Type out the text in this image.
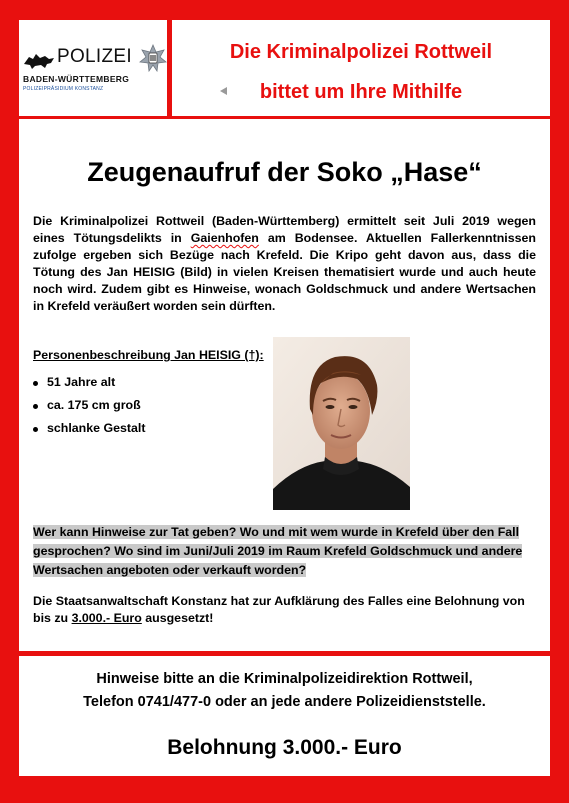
POLIZEI
BADEN-WÜRTTEMBERG
POLIZEIPRÄSIDIUM KONSTANZ
Die Kriminalpolizei Rottweil
bittet um Ihre Mithilfe
Zeugenaufruf der Soko „Hase“

Die Kriminalpolizei Rottweil (Baden-Württemberg) ermittelt seit Juli 2019 wegen eines Tötungsdelikts in Gaienhofen am Bodensee. Aktuellen Fallerkenntnissen zufolge ergeben sich Bezüge nach Krefeld. Die Kripo geht davon aus, dass die Tötung des Jan HEISIG (Bild) in vielen Kreisen thematisiert wurde und auch heute noch wird. Zudem gibt es Hinweise, wonach Goldschmuck und andere Wertsachen in Krefeld veräußert worden sein dürften.

Personenbeschreibung Jan HEISIG (†):
51 Jahre alt
ca. 175 cm groß
schlanke Gestalt

Wer kann Hinweise zur Tat geben? Wo und mit wem wurde in Krefeld über den Fall gesprochen? Wo sind im Juni/Juli 2019 im Raum Krefeld Goldschmuck und andere Wertsachen angeboten oder verkauft worden?

Die Staatsanwaltschaft Konstanz hat zur Aufklärung des Falles eine Belohnung von bis zu 3.000.- Euro ausgesetzt!

Hinweise bitte an die Kriminalpolizeidirektion Rottweil,
Telefon 0741/477-0 oder an jede andere Polizeidienststelle.
Belohnung 3.000.- Euro
